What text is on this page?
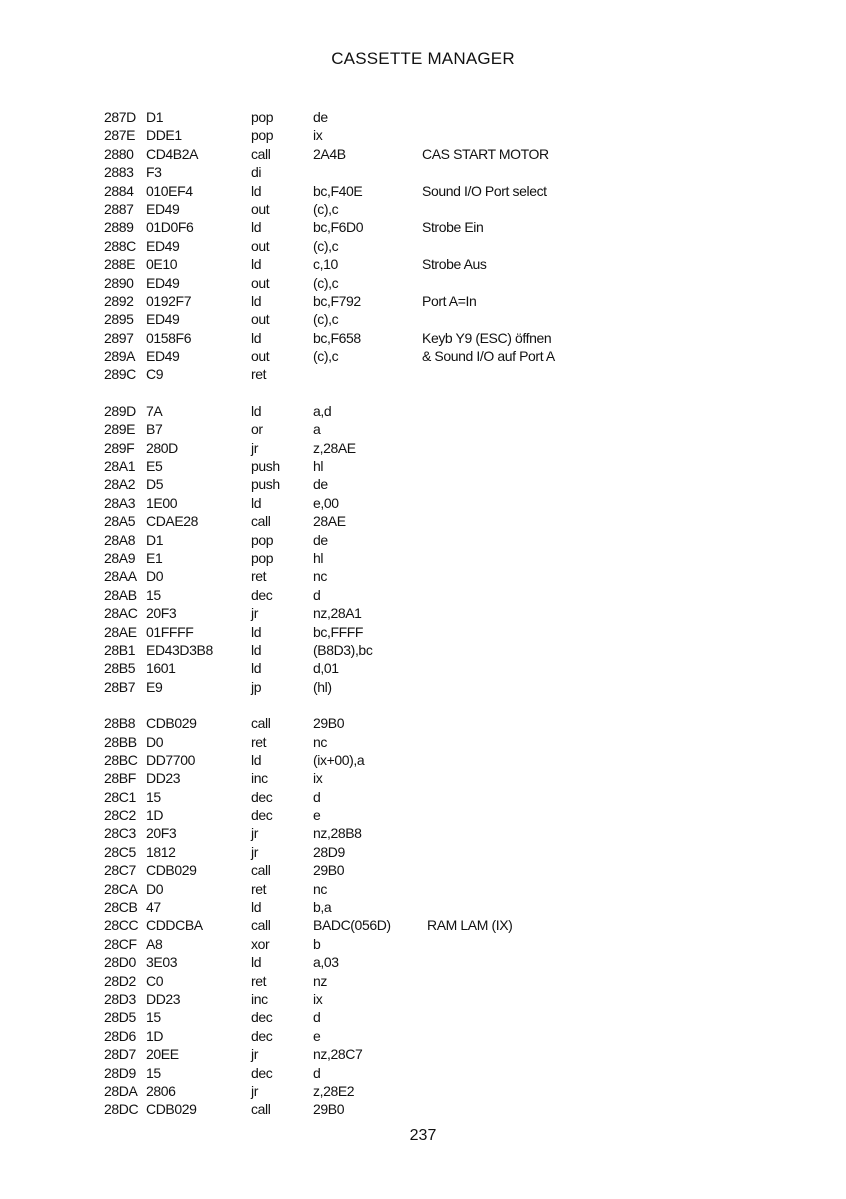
CASSETTE MANAGER
287D D1	pop	de
287E DDE1	pop	ix
2880 CD4B2A	call	2A4B	CAS START MOTOR
2883 F3	di
2884 010EF4	ld	bc,F40E	Sound I/O Port select
2887 ED49	out	(c),c
2889 01D0F6	ld	bc,F6D0	Strobe Ein
288C ED49	out	(c),c
288E 0E10	ld	c,10	Strobe Aus
2890 ED49	out	(c),c
2892 0192F7	ld	bc,F792	Port A=In
2895 ED49	out	(c),c
2897 0158F6	ld	bc,F658	Keyb Y9 (ESC) öffnen
289A ED49	out	(c),c	& Sound I/O auf Port A
289C C9	ret
289D 7A	ld	a,d
289E B7	or	a
289F 280D	jr	z,28AE
28A1 E5	push hl
28A2 D5	push de
28A3 1E00	ld	e,00
28A5 CDAE28	call	28AE
28A8 D1	pop	de
28A9 E1	pop	hl
28AA D0	ret	nc
28AB 15	dec	d
28AC 20F3	jr	nz,28A1
28AE 01FFFF	ld	bc,FFFF
28B1 ED43D3B8	ld	(B8D3),bc
28B5 1601	ld	d,01
28B7 E9	jp	(hl)
28B8 CDB029	call	29B0
28BB D0	ret	nc
28BC DD7700	ld	(ix+00),a
28BF DD23	inc	ix
28C1 15	dec	d
28C2 1D	dec	e
28C3 20F3	jr	nz,28B8
28C5 1812	jr	28D9
28C7 CDB029	call	29B0
28CA D0	ret	nc
28CB 47	ld	b,a
28CC CDDCBA	call	BADC(056D)	RAM LAM (IX)
28CF A8	xor	b
28D0 3E03	ld	a,03
28D2 C0	ret	nz
28D3 DD23	inc	ix
28D5 15	dec	d
28D6 1D	dec	e
28D7 20EE	jr	nz,28C7
28D9 15	dec	d
28DA 2806	jr	z,28E2
28DC CDB029	call	29B0
237
